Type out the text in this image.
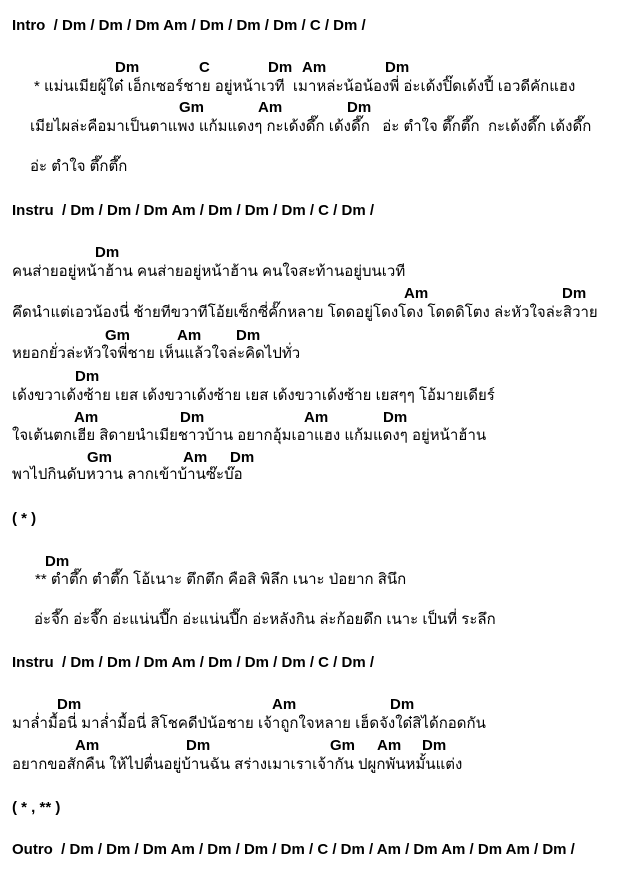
Intro  / Dm / Dm / Dm Am / Dm / Dm / Dm / C / Dm /
Dm	C	Dm Am	Dm
* แม่นเมียผู้ใด๋ เอ็กเซอร์ชาย อยู่หน้าเวที  เมาหล่ะน้อน้องพี่ อ่ะเด้งปิ๊ดเด้งปี้ เอวดีคักแฮง
Gm	Am	Dm
เมียไผล่ะคือมาเป็นตาแพง แก้มแดงๆ กะเด้งดึ๊ก เด้งดึ๊ก   อ่ะ ตำใจ ตึ๊กตึ๊ก  กะเด้งดึ๊ก เด้งดึ๊ก
อ่ะ ตำใจ ตึ๊กตึ๊ก
Instru  / Dm / Dm / Dm Am / Dm / Dm / Dm / C / Dm /
Dm
คนส่ายอยู่หน้าฮ้าน คนส่ายอยู่หน้าฮ้าน คนใจสะท้านอยู่บนเวที
Am	Dm
คึดนำแต่เอวน้องนี่ ช้ายทีขวาทีโอ้ยเซ็กซี่คั๊กหลาย โดดอยู่โดงโดง โดดดิโตง ล่ะหัวใจล่ะสิวาย
Gm	Am Dm
หยอกยั่วล่ะหัวใจพี่ชาย เห็นแล้วใจล่ะคิดไปทั่ว
Dm
เด้งขวาเด้งซ้าย เยส เด้งขวาเด้งซ้าย เยส เด้งขวาเด้งซ้าย เยสๆๆ โอ้มายเดียร์
Am	Dm	Am	Dm
ใจเต้นตกเฮีย สิดายนำเมียชาวบ้าน อยากอุ้มเอาแฮง แก้มแดงๆ อยู่หน้าฮ้าน
Gm	Am Dm
พาไปกินดับหวาน ลากเข้าบ้านซ๊ะบ๊อ
( * )
Dm
** ตำตึ๊ก ตำตึ๊ก โอ้เนาะ ตึกตึก คือสิ พิลึก เนาะ ป่อยาก สินึก
อ่ะจึ๊ก อ่ะจึ๊ก อ่ะแน่นปึ๊ก อ่ะแน่นปึ๊ก อ่ะหลังกิน ล่ะก้อยดึก เนาะ เป็นที่ ระลึก
Instru  / Dm / Dm / Dm Am / Dm / Dm / Dm / C / Dm /
Dm	Am	Dm
มาล่ำมื้อนี่ มาล่ำมื้อนี่ สิโชคดีป่น้อชาย เจ้าถูกใจหลาย เฮ็ดจังใด๋สิได้กอดกัน
Am	Dm	Gm Am Dm
อยากขอสักคืน ให้ไปตื่นอยู่บ้านฉัน สร่างเมาเราเจ้ากัน ปผูกพันหมั้นแต่ง
( * , ** )
Outro  / Dm / Dm / Dm Am / Dm / Dm / Dm / C / Dm / Am / Dm Am / Dm Am / Dm /
